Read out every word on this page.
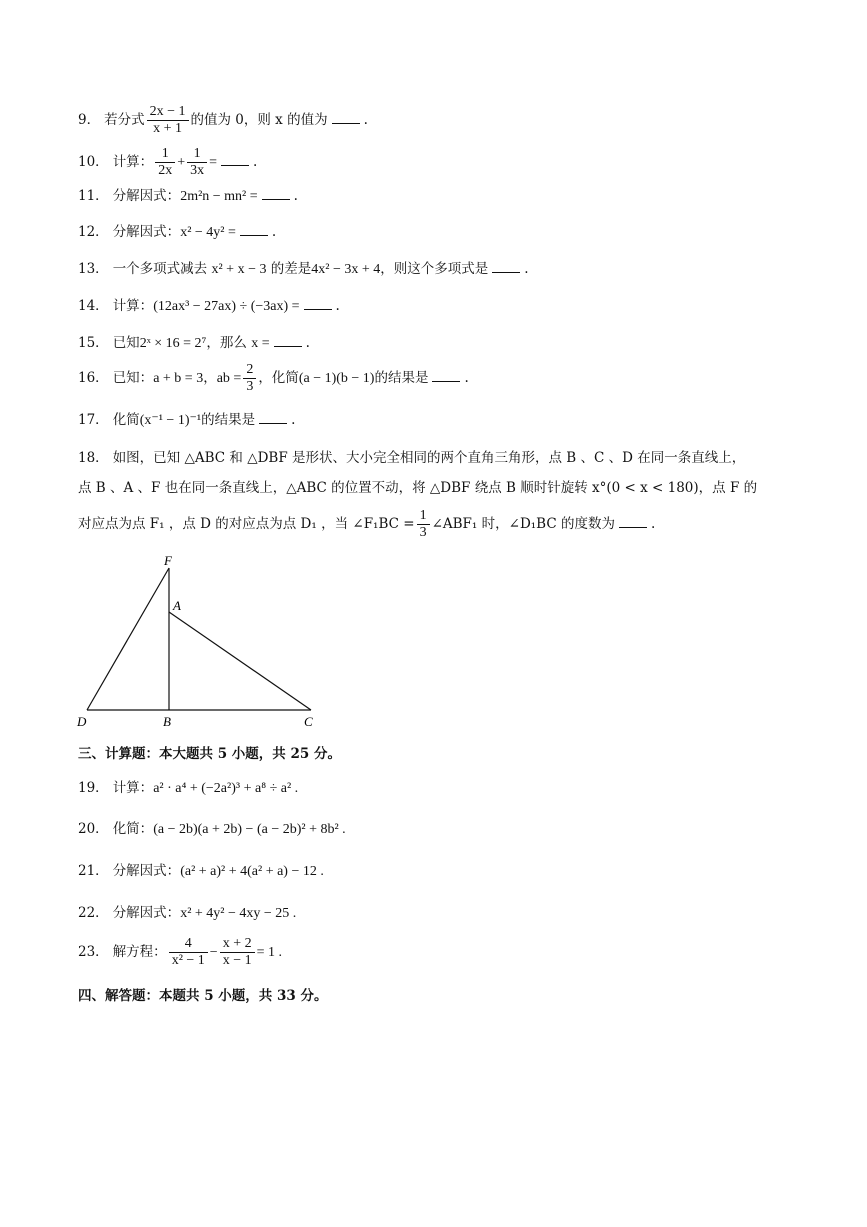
9． 若分式 $\frac{2x - 1}{x + 1}$ 的值为 0，则 x 的值为	.
10． 计算： $\frac{1}{2x} + \frac{1}{3x}$ =	.
11． 分解因式：2m²n − mn² =	.
12． 分解因式：x² − 4y² =	.
13． 一个多项式减去 x² + x − 3 的差是4x² − 3x + 4，则这个多项式是	.
14． 计算：(12ax³ − 27ax) ÷ (−3ax) =	.
15． 已知2ˣ × 16 = 2⁷，那么 x =	.
16． 已知：a + b = 3，ab = $\frac{2}{3}$ ，化简(a − 1)(b − 1)的结果是	.
17． 化简(x⁻¹ − 1)⁻¹的结果是	.
18． 如图，已知 △ABC 和 △DBF 是形状、大小完全相同的两个直角三角形，点 B 、C 、D 在同一条直线上，
点 B 、A 、F 也在同一条直线上，△ABC 的位置不动，将 △DBF 绕点 B 顺时针旋转 x°(0 < x < 180)，点 F 的
对应点为点 F₁ ，点 D 的对应点为点 D₁ ，当 ∠F₁BC = $\frac{1}{3}$ ∠ABF₁ 时，∠D₁BC 的度数为	.
F
A
D	B	C
三、计算题：本大题共 5 小题，共 25 分。
19． 计算：a² · a⁴ + (−2a²)³ + a⁸ ÷ a² .
20． 化简：(a − 2b)(a + 2b) − (a − 2b)² + 8b² .
21． 分解因式：(a² + a)² + 4(a² + a) − 12 .
22． 分解因式：x² + 4y² − 4xy − 25 .
23． 解方程： $\frac{4}{\text{x² − 1}} - \frac{x + 2}{x - 1} = 1$ .
四、解答题：本题共 5 小题，共 33 分。
